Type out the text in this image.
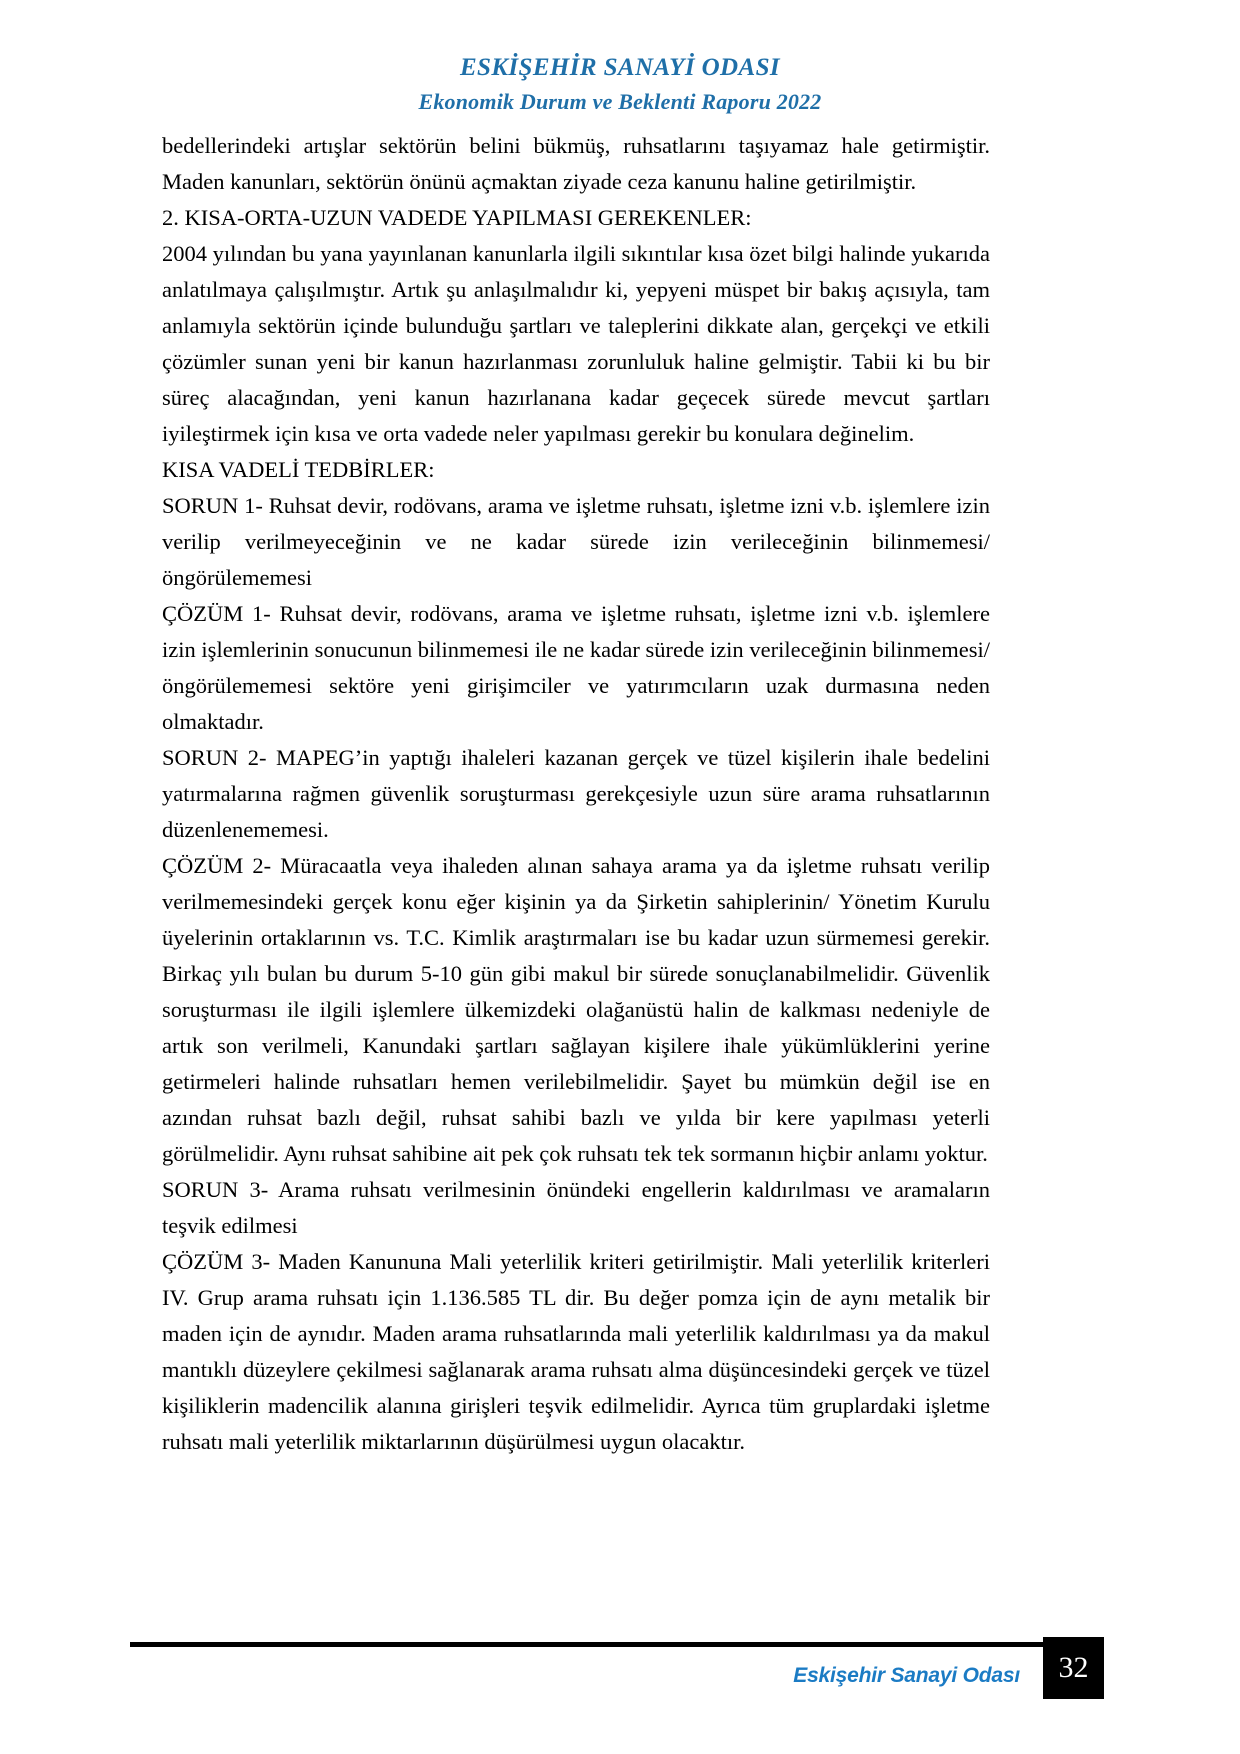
ESKİŞEHİR SANAYİ ODASI
Ekonomik Durum ve Beklenti Raporu 2022

bedellerindeki artışlar sektörün belini bükmüş, ruhsatlarını taşıyamaz hale getirmiştir. Maden kanunları, sektörün önünü açmaktan ziyade ceza kanunu haline getirilmiştir.

2. KISA-ORTA-UZUN VADEDE YAPILMASI GEREKENLER:

2004 yılından bu yana yayınlanan kanunlarla ilgili sıkıntılar kısa özet bilgi halinde yukarıda anlatılmaya çalışılmıştır. Artık şu anlaşılmalıdır ki, yepyeni müspet bir bakış açısıyla, tam anlamıyla sektörün içinde bulunduğu şartları ve taleplerini dikkate alan, gerçekçi ve etkili çözümler sunan yeni bir kanun hazırlanması zorunluluk haline gelmiştir. Tabii ki bu bir süreç alacağından, yeni kanun hazırlanana kadar geçecek sürede mevcut şartları iyileştirmek için kısa ve orta vadede neler yapılması gerekir bu konulara değinelim.

KISA VADELİ TEDBİRLER:

SORUN 1- Ruhsat devir, rodövans, arama ve işletme ruhsatı, işletme izni v.b. işlemlere izin verilip verilmeyeceğinin ve ne kadar sürede izin verileceğinin bilinmemesi/öngörülememesi

ÇÖZÜM 1- Ruhsat devir, rodövans, arama ve işletme ruhsatı, işletme izni v.b. işlemlere izin işlemlerinin sonucunun bilinmemesi ile ne kadar sürede izin verileceğinin bilinmemesi/öngörülememesi sektöre yeni girişimciler ve yatırımcıların uzak durmasına neden olmaktadır.

SORUN 2- MAPEG’in yaptığı ihaleleri kazanan gerçek ve tüzel kişilerin ihale bedelini yatırmalarına rağmen güvenlik soruşturması gerekçesiyle uzun süre arama ruhsatlarının düzenlenememesi.

ÇÖZÜM 2- Müracaatla veya ihaleden alınan sahaya arama ya da işletme ruhsatı verilip verilmemesindeki gerçek konu eğer kişinin ya da Şirketin sahiplerinin/ Yönetim Kurulu üyelerinin ortaklarının vs. T.C. Kimlik araştırmaları ise bu kadar uzun sürmemesi gerekir. Birkaç yılı bulan bu durum 5-10 gün gibi makul bir sürede sonuçlanabilmelidir. Güvenlik soruşturması ile ilgili işlemlere ülkemizdeki olağanüstü halin de kalkması nedeniyle de artık son verilmeli, Kanundaki şartları sağlayan kişilere ihale yükümlüklerini yerine getirmeleri halinde ruhsatları hemen verilebilmelidir. Şayet bu mümkün değil ise en azından ruhsat bazlı değil, ruhsat sahibi bazlı ve yılda bir kere yapılması yeterli görülmelidir. Aynı ruhsat sahibine ait pek çok ruhsatı tek tek sormanın hiçbir anlamı yoktur.

SORUN 3- Arama ruhsatı verilmesinin önündeki engellerin kaldırılması ve aramaların teşvik edilmesi

ÇÖZÜM 3- Maden Kanununa Mali yeterlilik kriteri getirilmiştir. Mali yeterlilik kriterleri IV. Grup arama ruhsatı için 1.136.585 TL dir. Bu değer pomza için de aynı metalik bir maden için de aynıdır. Maden arama ruhsatlarında mali yeterlilik kaldırılması ya da makul mantıklı düzeylere çekilmesi sağlanarak arama ruhsatı alma düşüncesindeki gerçek ve tüzel kişiliklerin madencilik alanına girişleri teşvik edilmelidir. Ayrıca tüm gruplardaki işletme ruhsatı mali yeterlilik miktarlarının düşürülmesi uygun olacaktır.

Eskişehir Sanayi Odası	32
